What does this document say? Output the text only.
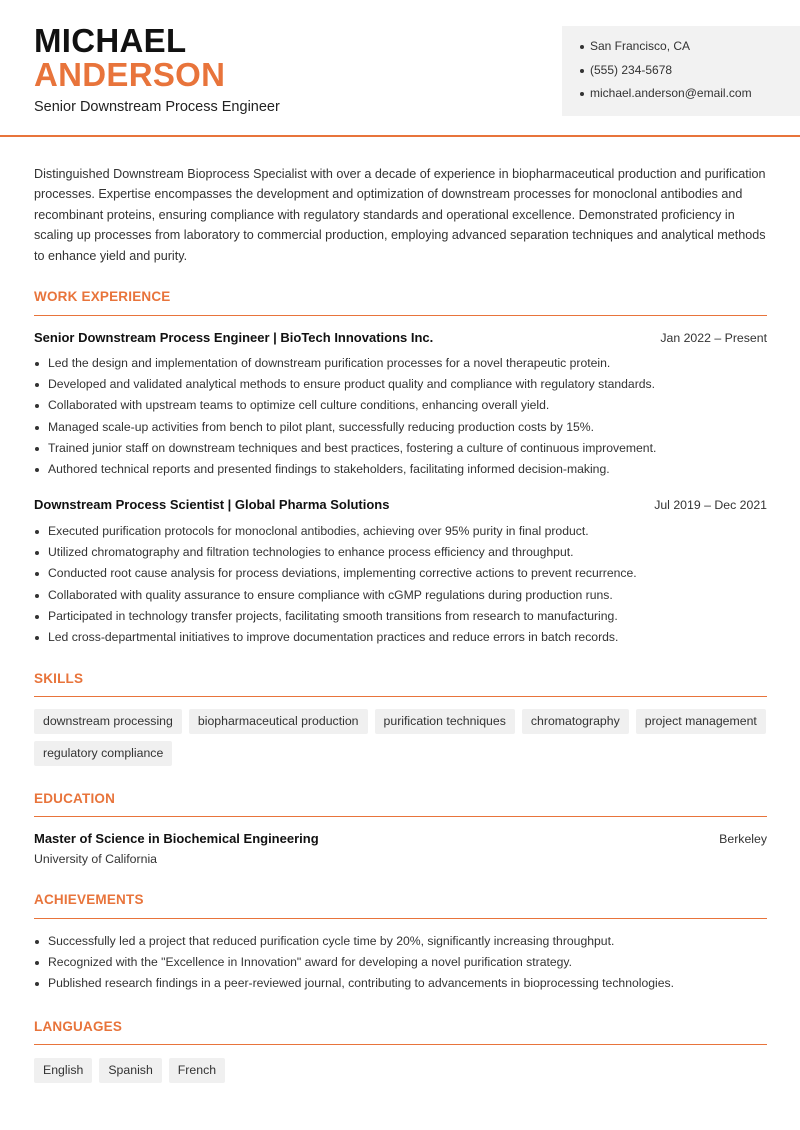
MICHAEL
ANDERSON
Senior Downstream Process Engineer
San Francisco, CA
(555) 234-5678
michael.anderson@email.com

Distinguished Downstream Bioprocess Specialist with over a decade of experience in biopharmaceutical production and purification processes. Expertise encompasses the development and optimization of downstream processes for monoclonal antibodies and recombinant proteins, ensuring compliance with regulatory standards and operational excellence. Demonstrated proficiency in scaling up processes from laboratory to commercial production, employing advanced separation techniques and analytical methods to enhance yield and purity.

WORK EXPERIENCE
Senior Downstream Process Engineer | BioTech Innovations Inc.	Jan 2022 – Present
Led the design and implementation of downstream purification processes for a novel therapeutic protein.
Developed and validated analytical methods to ensure product quality and compliance with regulatory standards.
Collaborated with upstream teams to optimize cell culture conditions, enhancing overall yield.
Managed scale-up activities from bench to pilot plant, successfully reducing production costs by 15%.
Trained junior staff on downstream techniques and best practices, fostering a culture of continuous improvement.
Authored technical reports and presented findings to stakeholders, facilitating informed decision-making.
Downstream Process Scientist | Global Pharma Solutions	Jul 2019 – Dec 2021
Executed purification protocols for monoclonal antibodies, achieving over 95% purity in final product.
Utilized chromatography and filtration technologies to enhance process efficiency and throughput.
Conducted root cause analysis for process deviations, implementing corrective actions to prevent recurrence.
Collaborated with quality assurance to ensure compliance with cGMP regulations during production runs.
Participated in technology transfer projects, facilitating smooth transitions from research to manufacturing.
Led cross-departmental initiatives to improve documentation practices and reduce errors in batch records.
SKILLS
downstream processing	biopharmaceutical production	purification techniques	chromatography	project management
regulatory compliance
EDUCATION
Master of Science in Biochemical Engineering	Berkeley
University of California
ACHIEVEMENTS
Successfully led a project that reduced purification cycle time by 20%, significantly increasing throughput.
Recognized with the "Excellence in Innovation" award for developing a novel purification strategy.
Published research findings in a peer-reviewed journal, contributing to advancements in bioprocessing technologies.
LANGUAGES
English	Spanish	French
